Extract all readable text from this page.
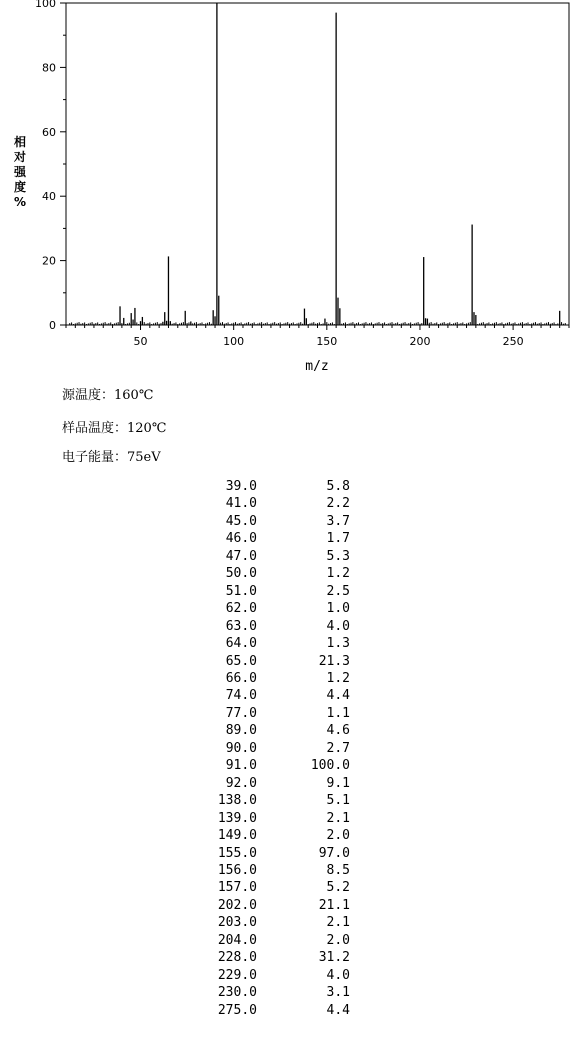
相
对
强
度
%
0
20
40
60
80
100
50	100	150	200	250
m/z
源温度：160℃
样品温度：120℃
电子能量：75eV
39.0	5.8
41.0	2.2
45.0	3.7
46.0	1.7
47.0	5.3
50.0	1.2
51.0	2.5
62.0	1.0
63.0	4.0
64.0	1.3
65.0	21.3
66.0	1.2
74.0	4.4
77.0	1.1
89.0	4.6
90.0	2.7
91.0	100.0
92.0	9.1
138.0	5.1
139.0	2.1
149.0	2.0
155.0	97.0
156.0	8.5
157.0	5.2
202.0	21.1
203.0	2.1
204.0	2.0
228.0	31.2
229.0	4.0
230.0	3.1
275.0	4.4
